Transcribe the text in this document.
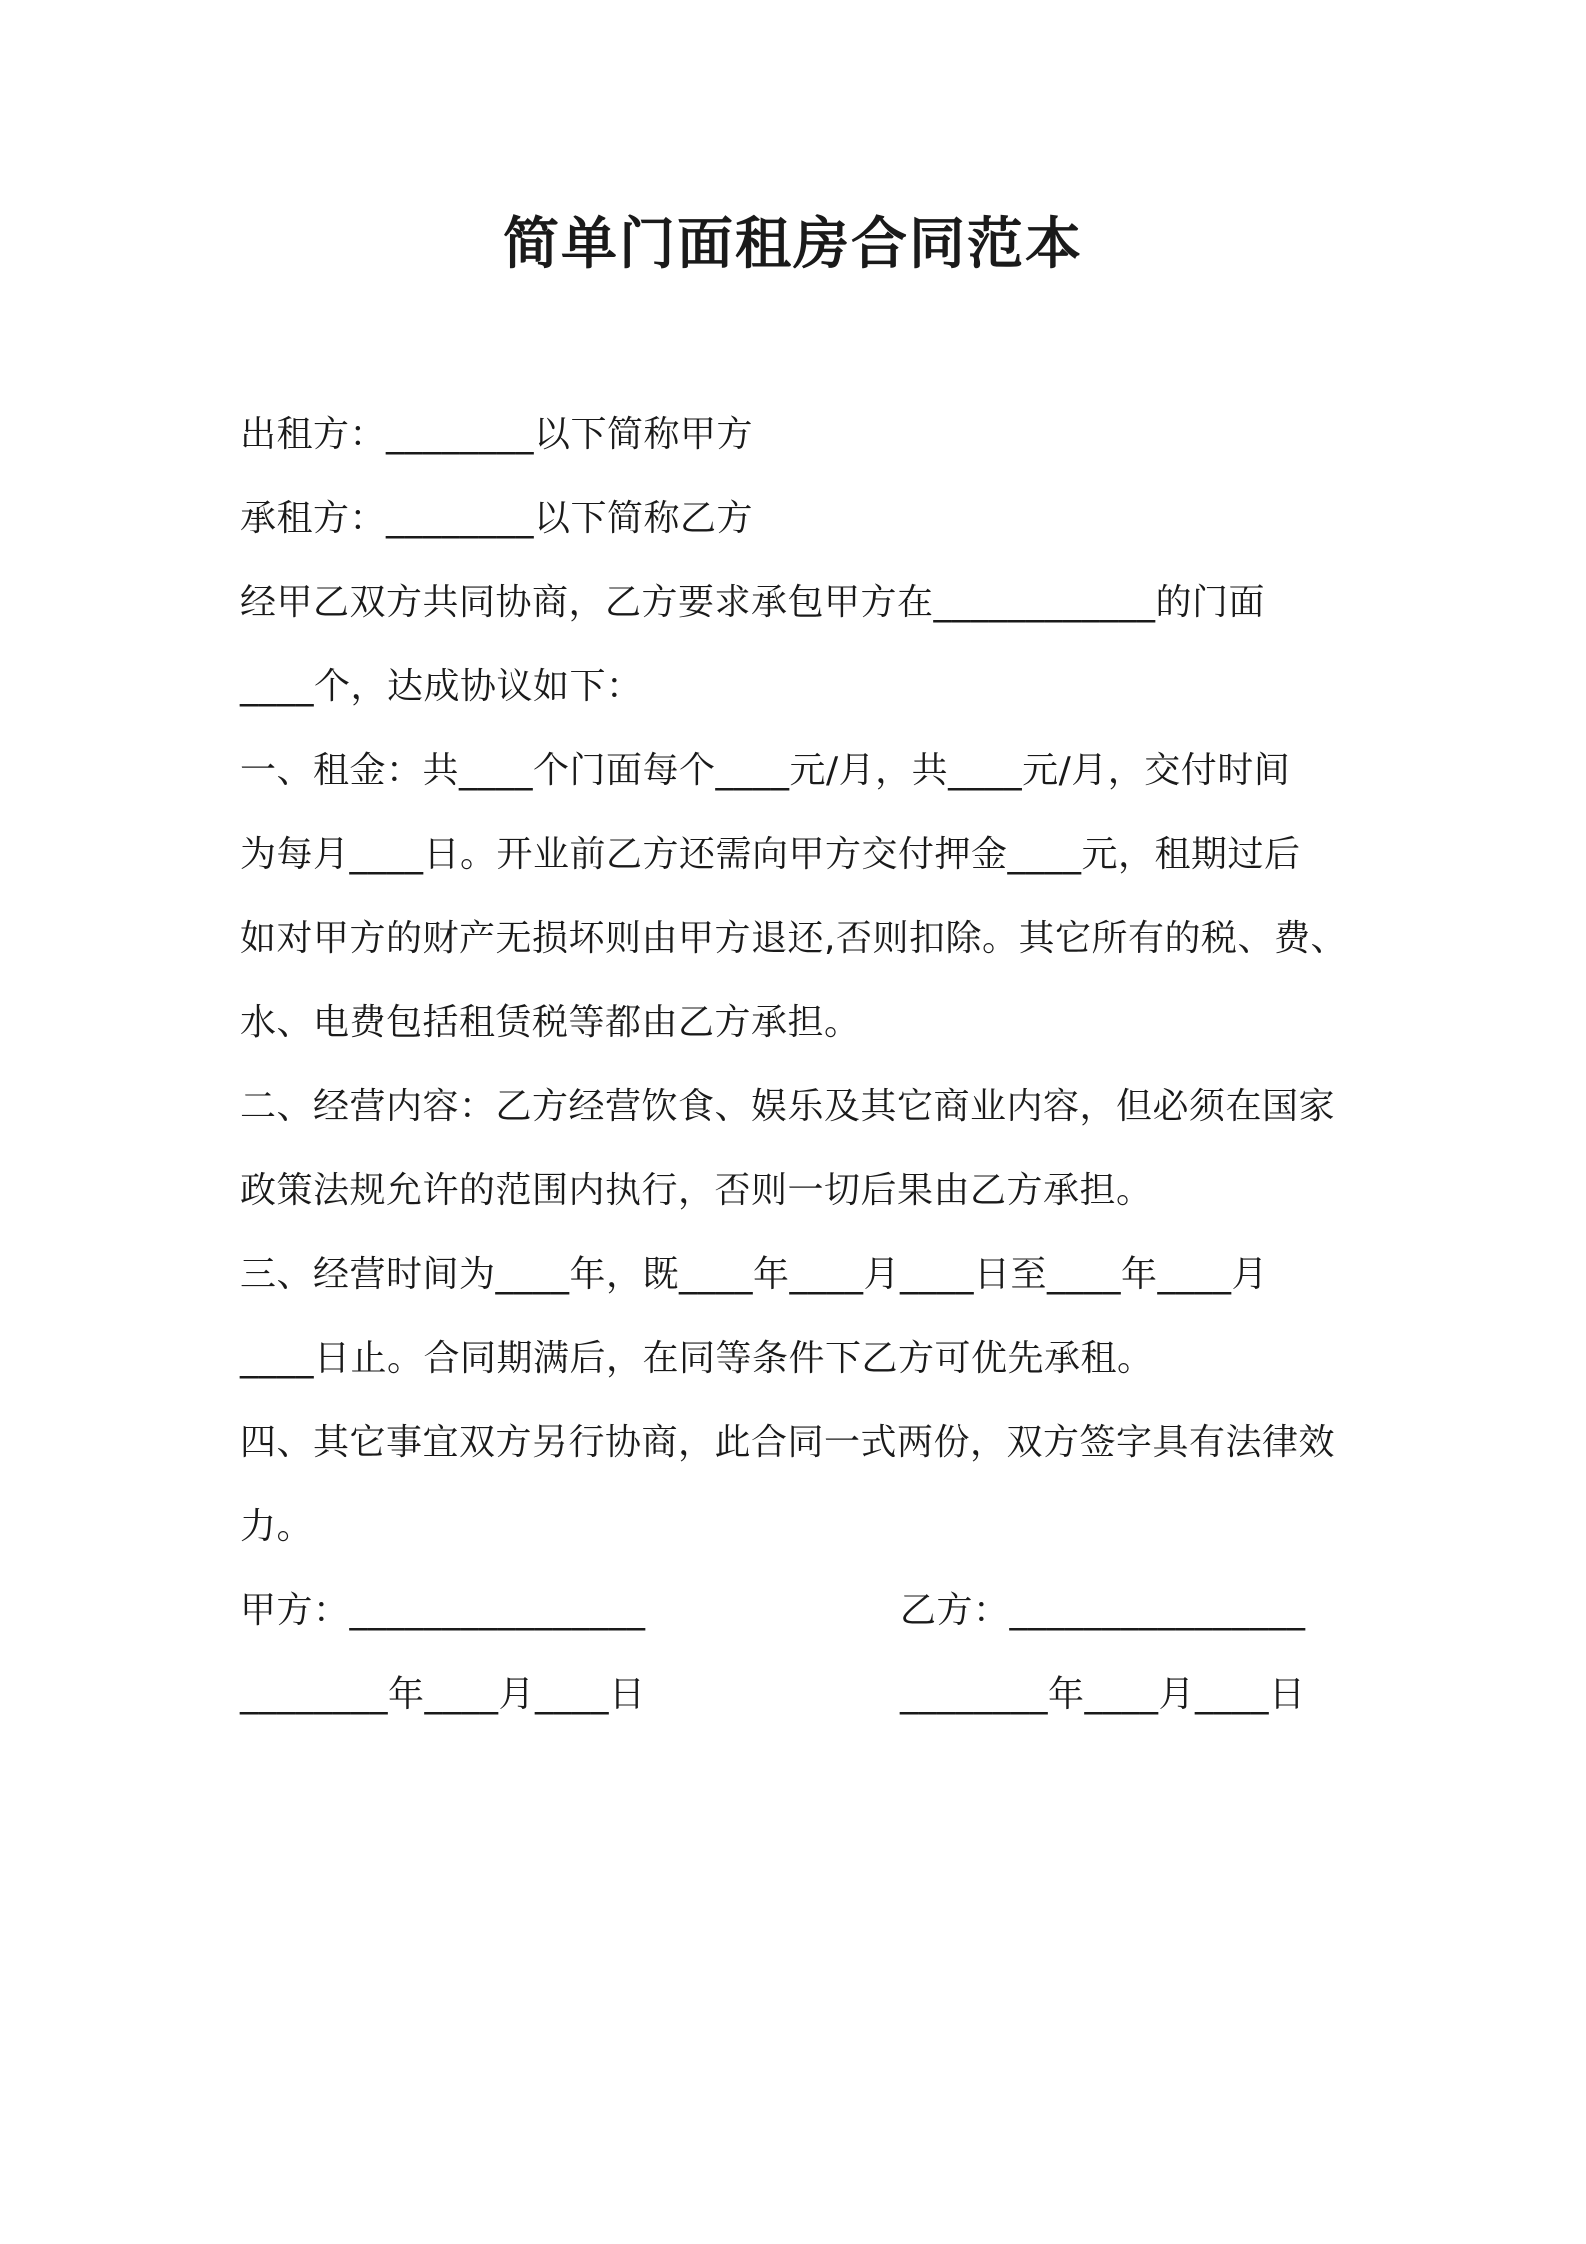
简单门面租房合同范本
出租方：________以下简称甲方
承租方：________以下简称乙方
经甲乙双方共同协商，乙方要求承包甲方在____________的门面
____个，达成协议如下：
一、租金：共____个门面每个____元/月，共____元/月，交付时间
为每月____日。开业前乙方还需向甲方交付押金____元，租期过后
如对甲方的财产无损坏则由甲方退还,否则扣除。其它所有的税、费、
水、电费包括租赁税等都由乙方承担。
二、经营内容：乙方经营饮食、娱乐及其它商业内容，但必须在国家
政策法规允许的范围内执行，否则一切后果由乙方承担。
三、经营时间为____年，既____年____月____日至____年____月
____日止。合同期满后，在同等条件下乙方可优先承租。
四、其它事宜双方另行协商，此合同一式两份，双方签字具有法律效
力。
甲方：________________	乙方：________________
________年____月____日	________年____月____日
